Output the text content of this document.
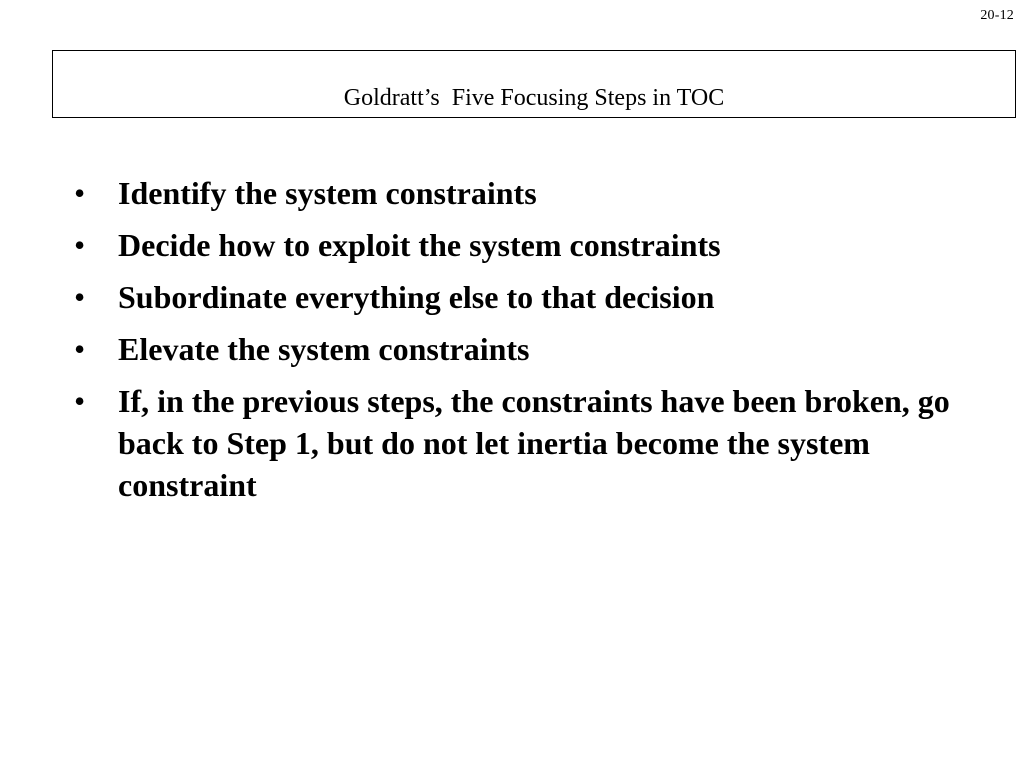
20-12
Goldratt’s  Five Focusing Steps in TOC
•	Identify the system constraints
•	Decide how to exploit the system constraints
•	Subordinate everything else to that decision
•	Elevate the system constraints
•	If, in the previous steps, the constraints have been broken, go back to Step 1, but do not let inertia become the system constraint
